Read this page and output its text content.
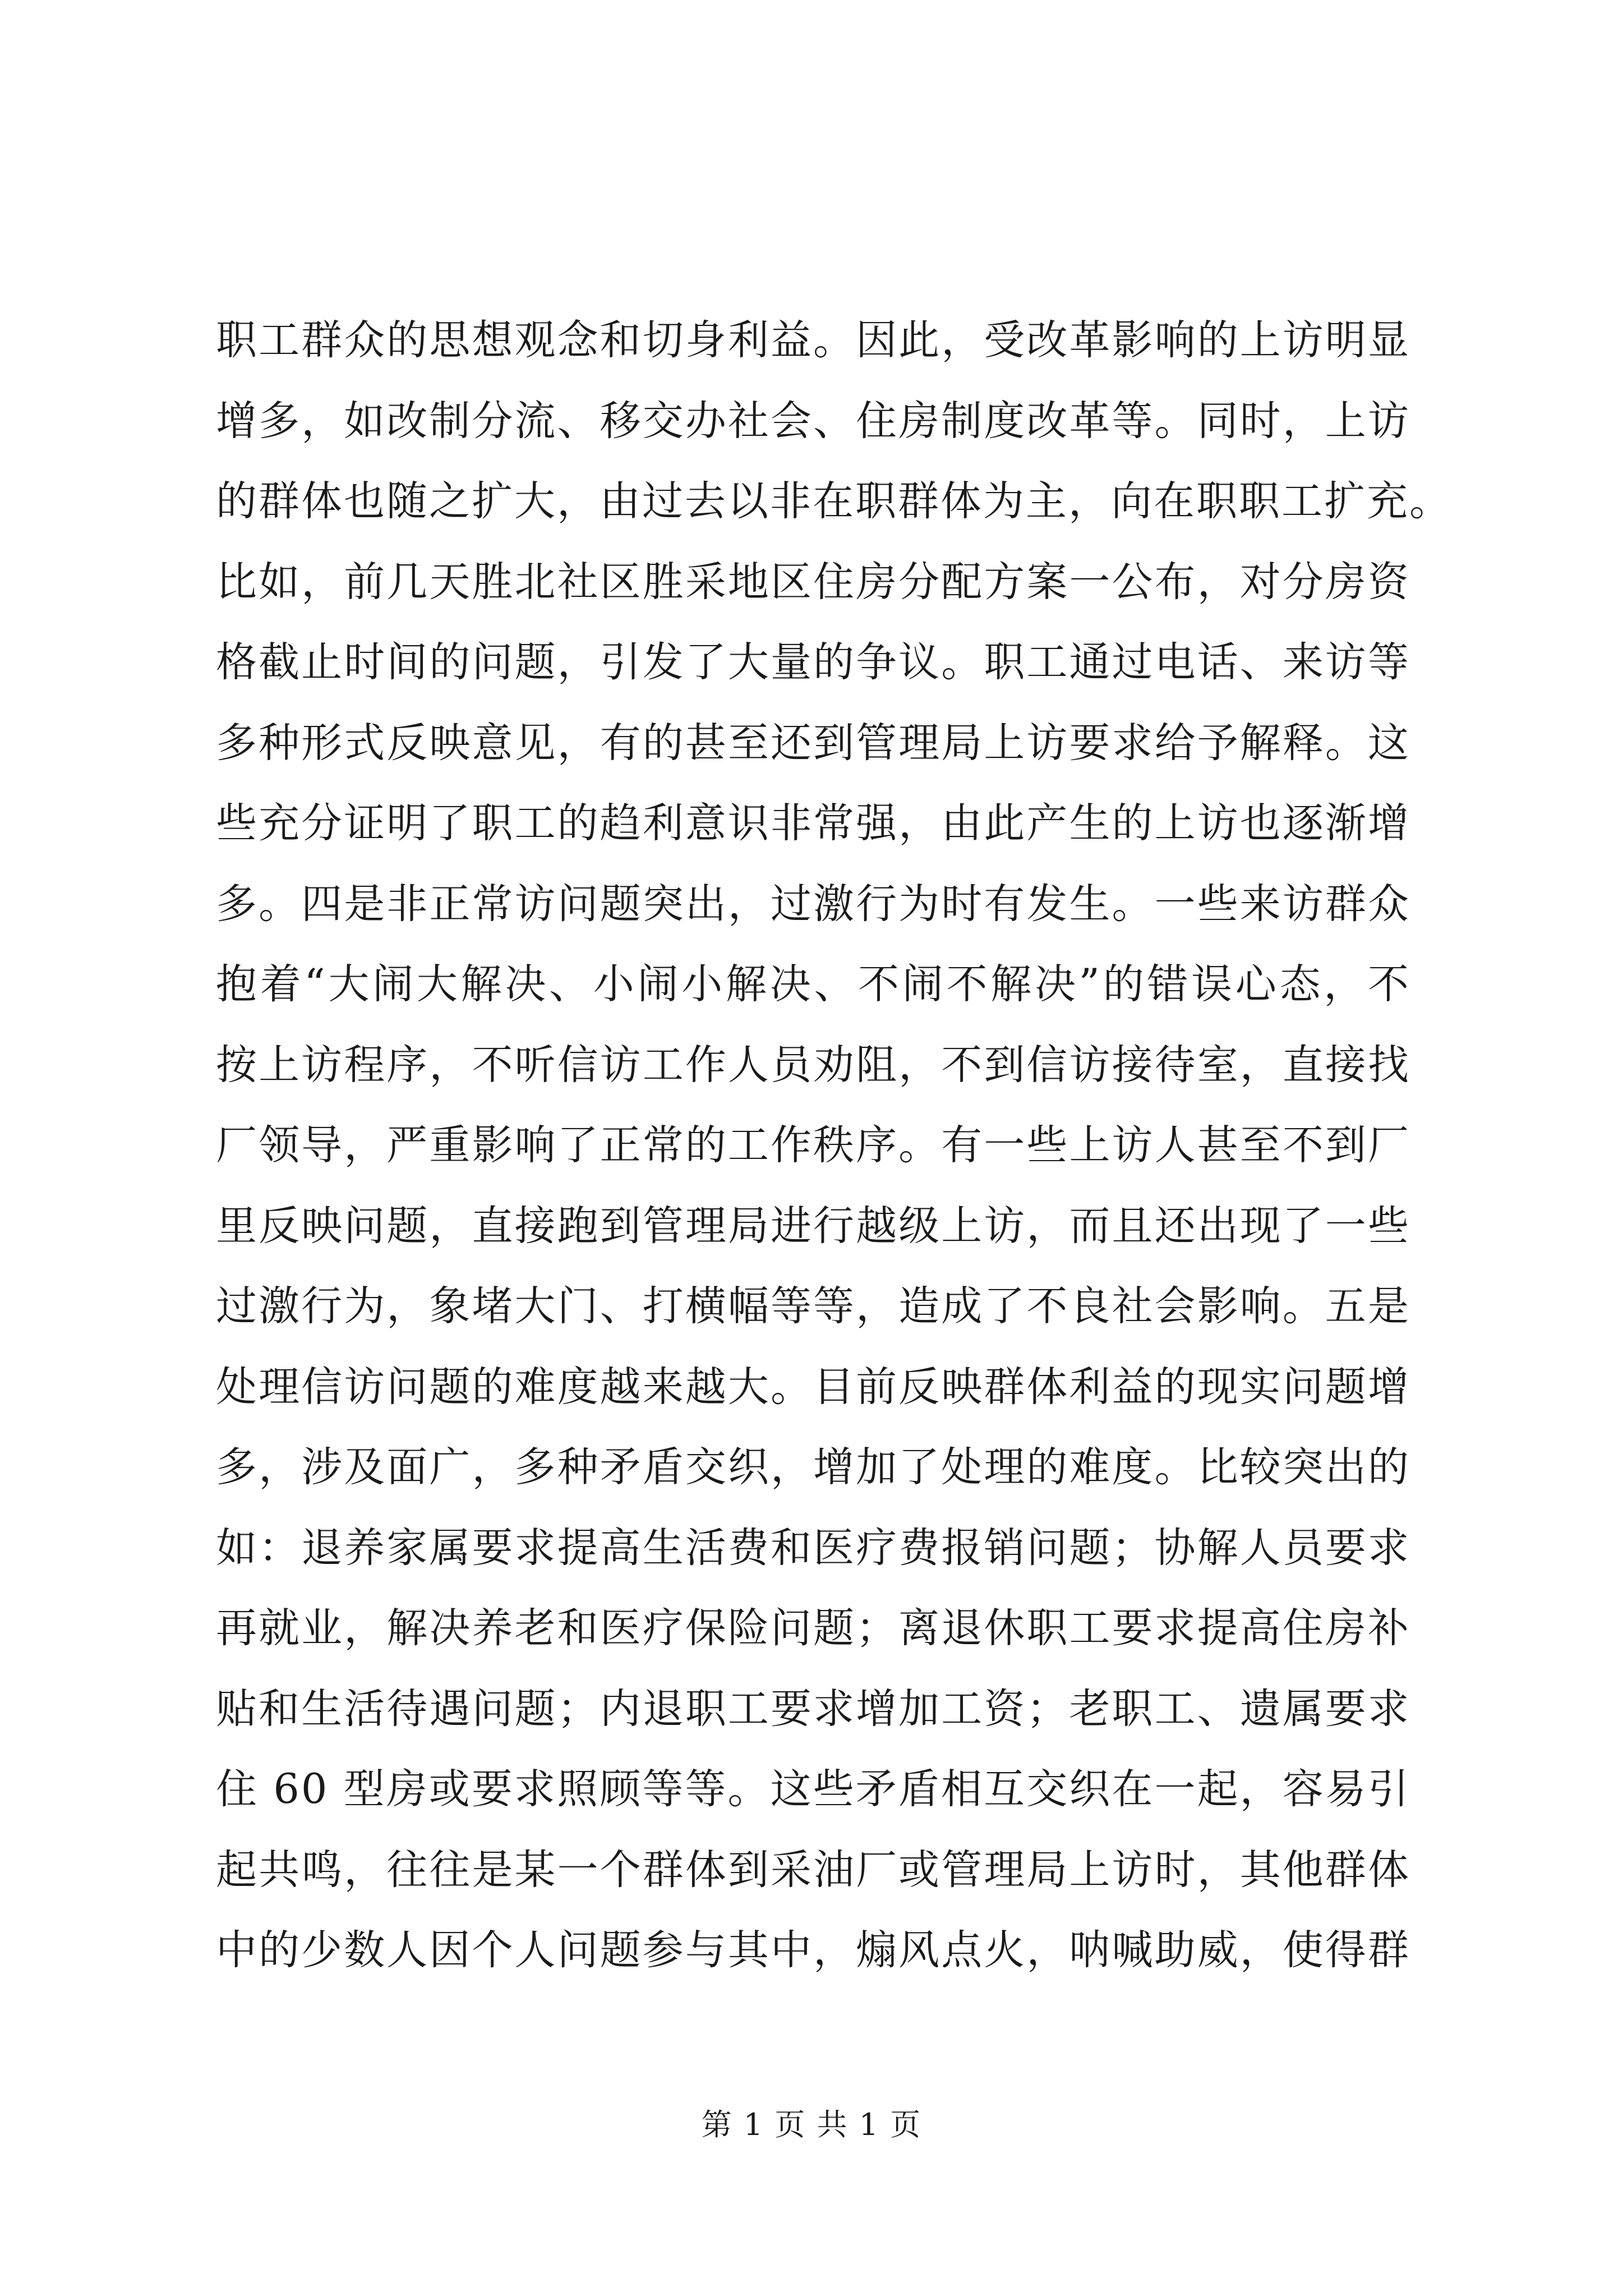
职工群众的思想观念和切身利益。因此，受改革影响的上访明显
增多，如改制分流、移交办社会、住房制度改革等。同时，上访
的群体也随之扩大，由过去以非在职群体为主，向在职职工扩充。
比如，前几天胜北社区胜采地区住房分配方案一公布，对分房资
格截止时间的问题，引发了大量的争议。职工通过电话、来访等
多种形式反映意见，有的甚至还到管理局上访要求给予解释。这
些充分证明了职工的趋利意识非常强，由此产生的上访也逐渐增
多。四是非正常访问题突出，过激行为时有发生。一些来访群众
抱着“大闹大解决、小闹小解决、不闹不解决”的错误心态，不
按上访程序，不听信访工作人员劝阻，不到信访接待室，直接找
厂领导，严重影响了正常的工作秩序。有一些上访人甚至不到厂
里反映问题，直接跑到管理局进行越级上访，而且还出现了一些
过激行为，象堵大门、打横幅等等，造成了不良社会影响。五是
处理信访问题的难度越来越大。目前反映群体利益的现实问题增
多，涉及面广，多种矛盾交织，增加了处理的难度。比较突出的
如：退养家属要求提高生活费和医疗费报销问题；协解人员要求
再就业，解决养老和医疗保险问题；离退休职工要求提高住房补
贴和生活待遇问题；内退职工要求增加工资；老职工、遗属要求
住 60 型房或要求照顾等等。这些矛盾相互交织在一起，容易引
起共鸣，往往是某一个群体到采油厂或管理局上访时，其他群体
中的少数人因个人问题参与其中，煽风点火，呐喊助威，使得群
第 1 页 共 1 页
